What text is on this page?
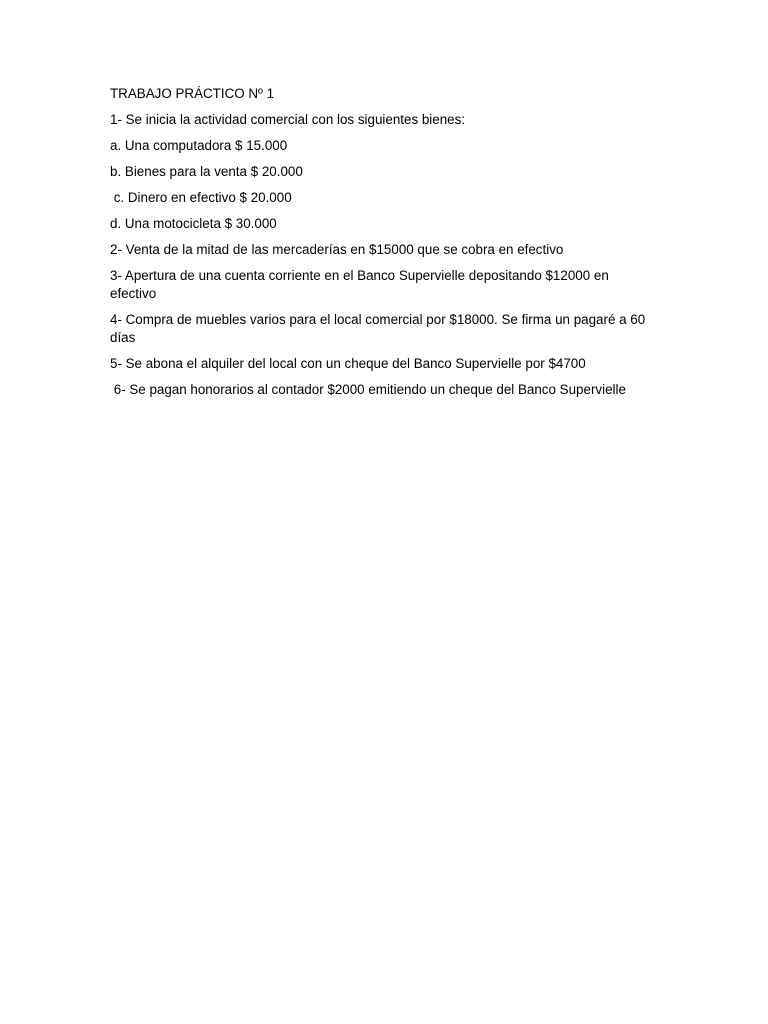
TRABAJO PRÁCTICO Nº 1
1- Se inicia la actividad comercial con los siguientes bienes:
a. Una computadora $ 15.000
b. Bienes para la venta $ 20.000
c. Dinero en efectivo $ 20.000
d. Una motocicleta $ 30.000
2- Venta de la mitad de las mercaderías en $15000 que se cobra en efectivo
3- Apertura de una cuenta corriente en el Banco Supervielle depositando $12000 en efectivo
4- Compra de muebles varios para el local comercial por $18000. Se firma un pagaré a 60 días
5- Se abona el alquiler del local con un cheque del Banco Supervielle por $4700
6- Se pagan honorarios al contador $2000 emitiendo un cheque del Banco Supervielle
